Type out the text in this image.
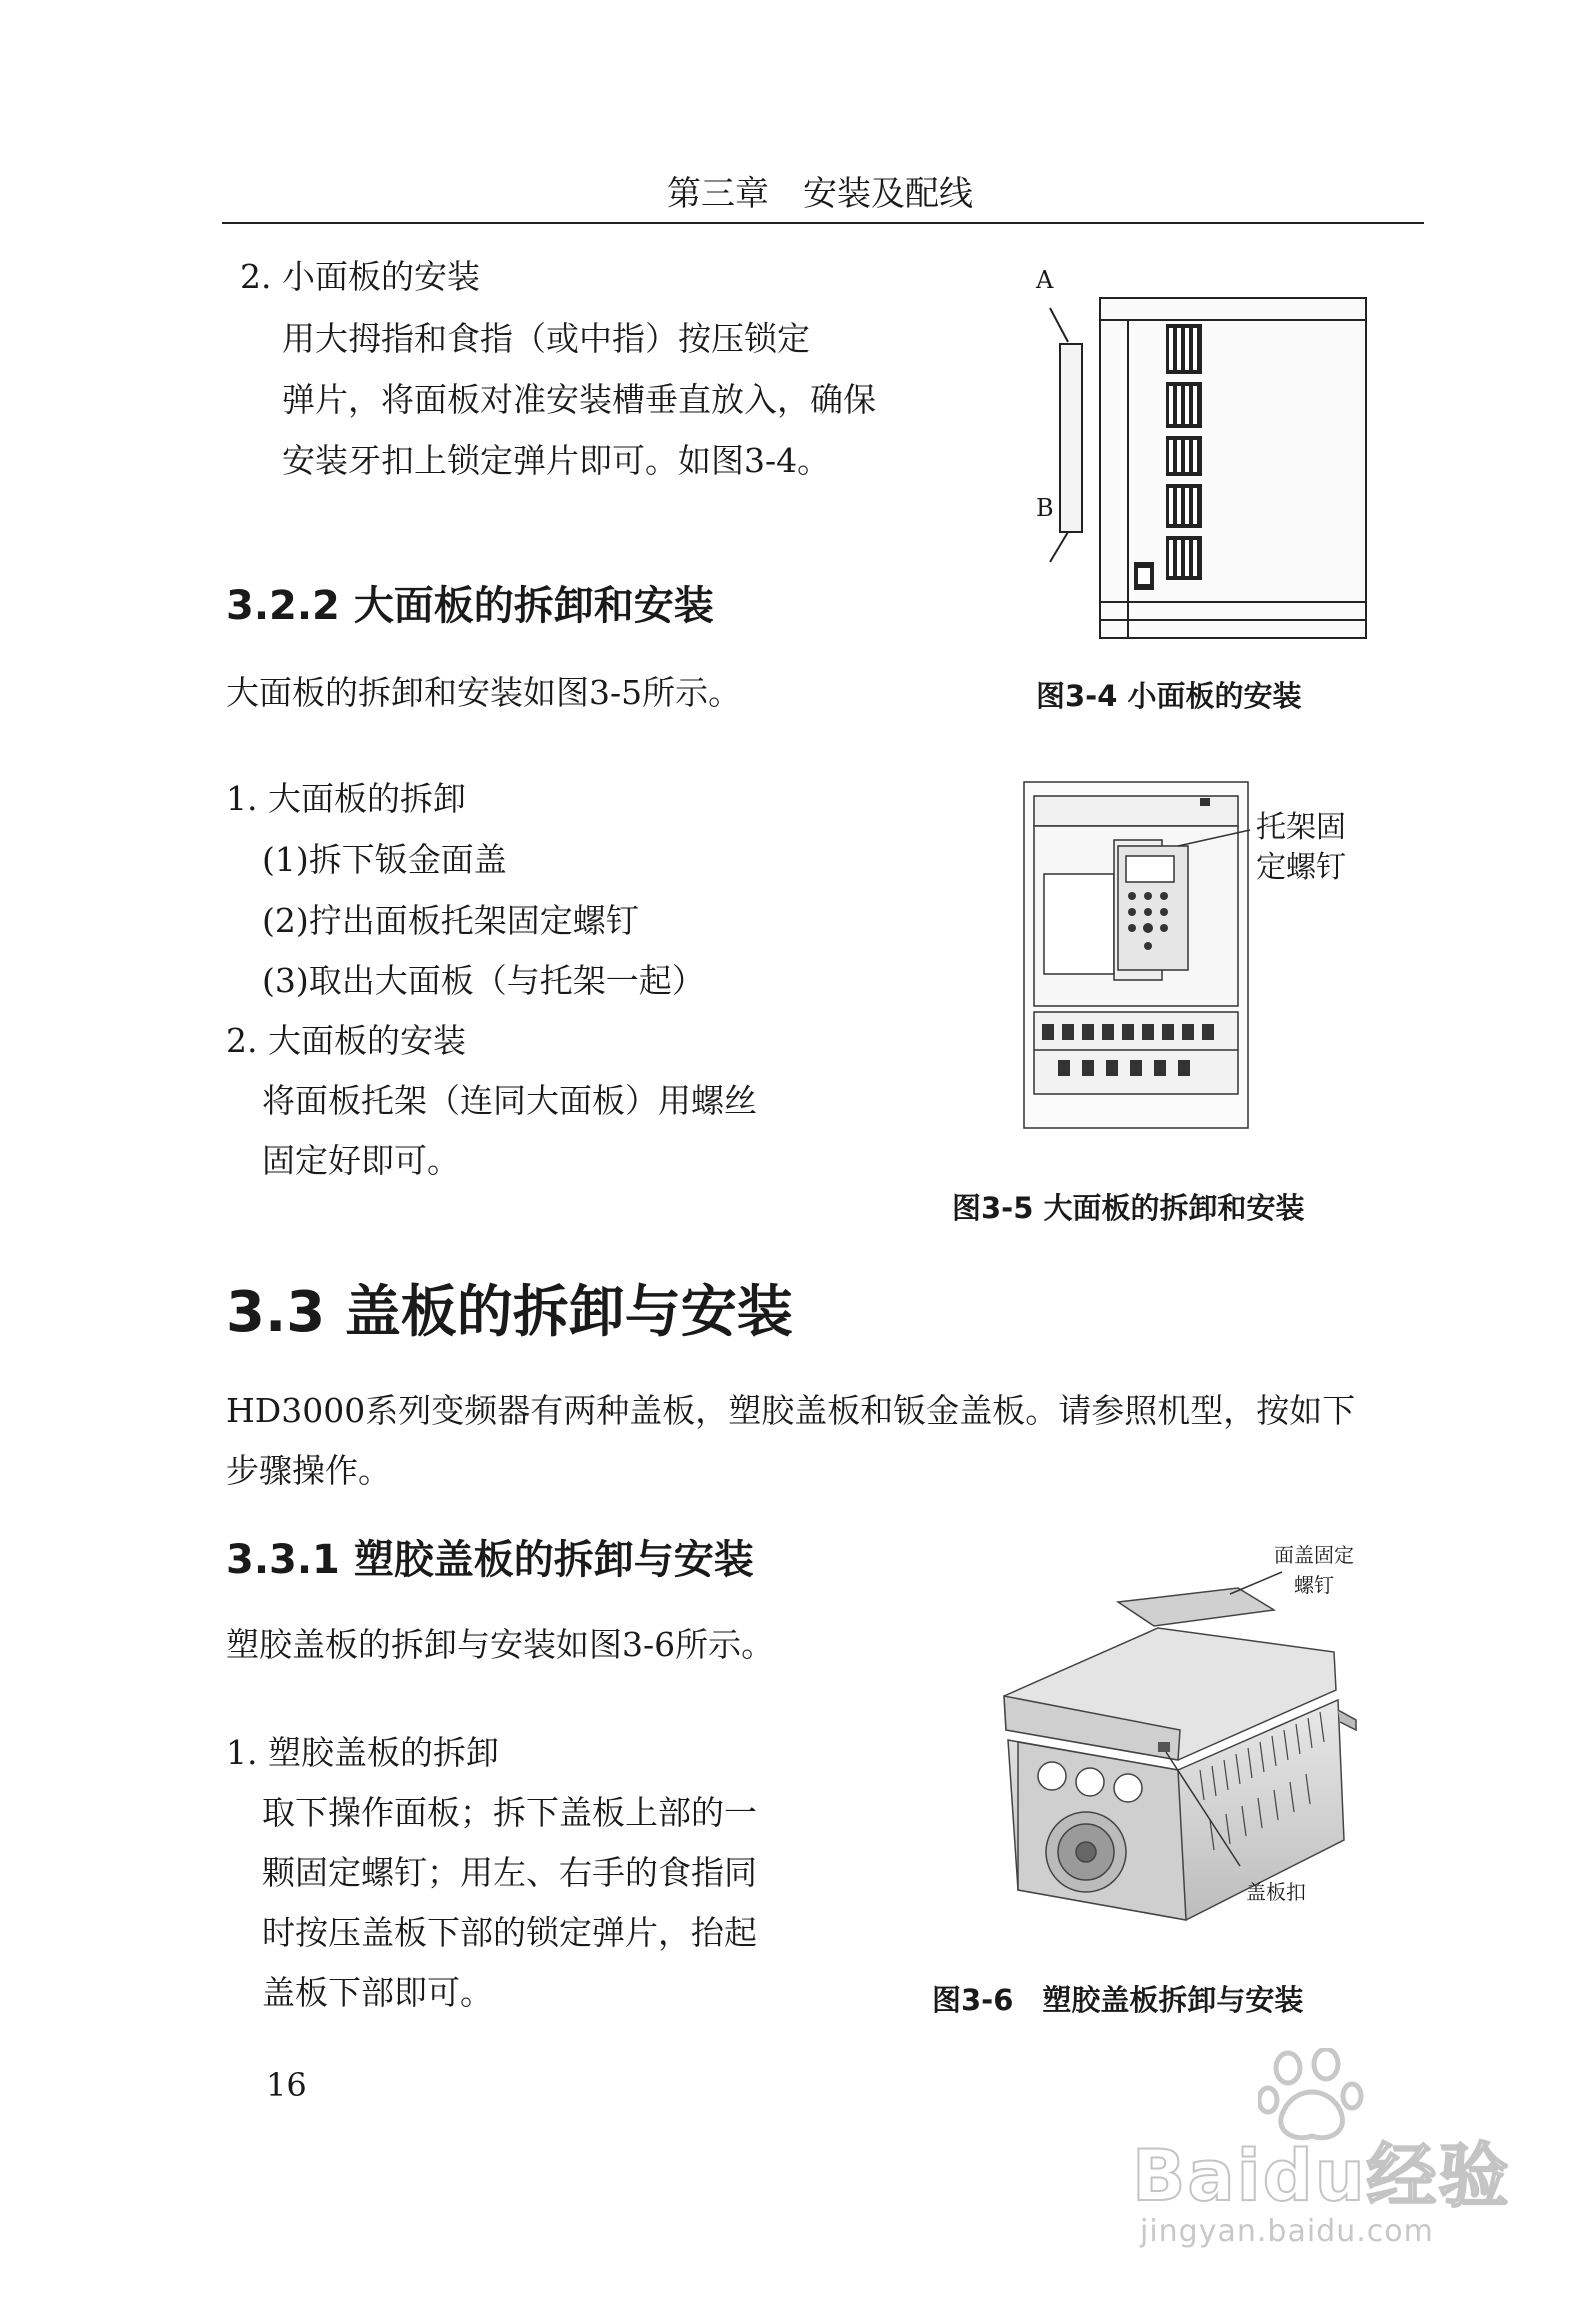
第三章　安装及配线
2. 小面板的安装
用大拇指和食指（或中指）按压锁定
弹片，将面板对准安装槽垂直放入，确保
安装牙扣上锁定弹片即可。如图3-4。
A
B
3.2.2 大面板的拆卸和安装
大面板的拆卸和安装如图3-5所示。	图3-4 小面板的安装
1. 大面板的拆卸
(1)拆下钣金面盖
(2)拧出面板托架固定螺钉
(3)取出大面板（与托架一起）
2. 大面板的安装
将面板托架（连同大面板）用螺丝
固定好即可。
托架固
定螺钉
图3-5 大面板的拆卸和安装
3.3 盖板的拆卸与安装
HD3000系列变频器有两种盖板，塑胶盖板和钣金盖板。请参照机型，按如下
步骤操作。
3.3.1 塑胶盖板的拆卸与安装
塑胶盖板的拆卸与安装如图3-6所示。
1. 塑胶盖板的拆卸
取下操作面板；拆下盖板上部的一
颗固定螺钉；用左、右手的食指同
时按压盖板下部的锁定弹片，抬起
盖板下部即可。
面盖固定
螺钉
盖板扣
图3-6　塑胶盖板拆卸与安装
16
Baidu经验
jingyan.baidu.com
